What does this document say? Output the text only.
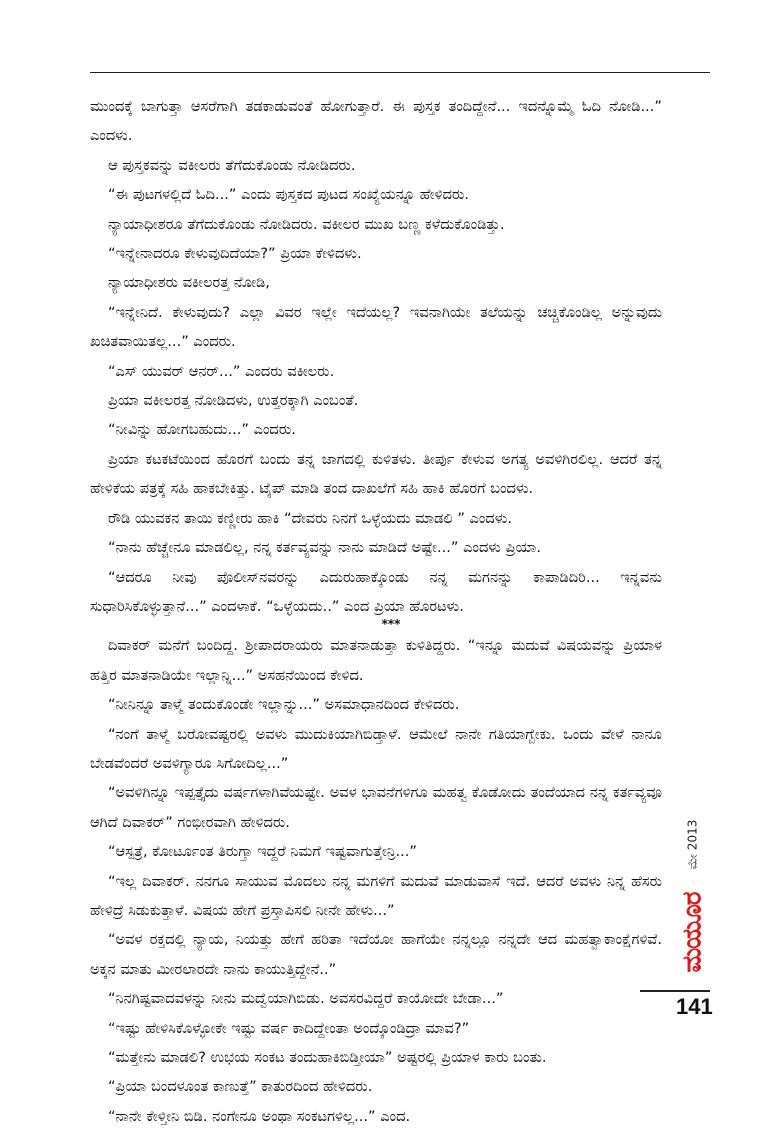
ಮುಂದಕ್ಕೆ ಬಾಗುತ್ತಾ ಆಸರೆಗಾಗಿ ತಡಕಾಡುವಂತೆ ಹೋಗುತ್ತಾರೆ. ಈ ಪುಸ್ತಕ ತಂದಿದ್ದೇನೆ... ಇದನ್ನೊಮ್ಮೆ ಓದಿ ನೋಡಿ...” ಎಂದಳು.

ಆ ಪುಸ್ತಕವನ್ನು ವಕೀಲರು ತೆಗೆದುಕೊಂಡು ನೋಡಿದರು.

“ಈ ಪುಟಗಳಲ್ಲಿದೆ ಓದಿ...” ಎಂದು ಪುಸ್ತಕದ ಪುಟದ ಸಂಖ್ಯೆಯನ್ನೂ ಹೇಳಿದರು.

ನ್ಯಾಯಾಧೀಶರೂ ತೆಗೆದುಕೊಂಡು ನೋಡಿದರು. ವಕೀಲರ ಮುಖ ಬಣ್ಣ ಕಳೆದುಕೊಂಡಿತ್ತು.

“ಇನ್ನೇನಾದರೂ ಕೇಳುವುದಿದೆಯಾ?” ಪ್ರಿಯಾ ಕೇಳಿದಳು.

ನ್ಯಾಯಾಧೀಶರು ವಕೀಲರತ್ತ ನೋಡಿ,

“ಇನ್ನೇನಿದೆ. ಕೇಳುವುದು? ಎಲ್ಲಾ ವಿವರ ಇಲ್ಲೇ ಇದೆಯಲ್ಲ? ಇವನಾಗಿಯೇ ತಲೆಯನ್ನು ಚಚ್ಚಿಕೊಂಡಿಲ್ಲ ಅನ್ನುವುದು ಖಚಿತವಾಯಿತಲ್ಲ...” ಎಂದರು.

“ಎಸ್ ಯುವರ್ ಆನರ್...” ಎಂದರು ವಕೀಲರು.

ಪ್ರಿಯಾ ವಕೀಲರತ್ತ ನೋಡಿದಳು, ಉತ್ತರಕ್ಕಾಗಿ ಎಂಬಂತೆ.

“ನೀವಿನ್ನು ಹೋಗಬಹುದು...” ಎಂದರು.

ಪ್ರಿಯಾ ಕಟಕಟೆಯಿಂದ ಹೊರಗೆ ಬಂದು ತನ್ನ ಜಾಗದಲ್ಲಿ ಕುಳಿತಳು. ತೀರ್ಪು ಕೇಳುವ ಅಗತ್ಯ ಅವಳಿಗಿರಲಿಲ್ಲ. ಆದರೆ ತನ್ನ ಹೇಳಿಕೆಯ ಪತ್ರಕ್ಕೆ ಸಹಿ ಹಾಕಬೇಕಿತ್ತು. ಟೈಪ್ ಮಾಡಿ ತಂದ ದಾಖಲೆಗೆ ಸಹಿ ಹಾಕಿ ಹೊರಗೆ ಬಂದಳು.

ರೌಡಿ ಯುವಕನ ತಾಯಿ ಕಣ್ಣೀರು ಹಾಕಿ “ದೇವರು ನಿನಗೆ ಒಳ್ಳೆಯದು ಮಾಡಲಿ ” ಎಂದಳು.

“ನಾನು ಹೆಚ್ಚೇನೂ ಮಾಡಲಿಲ್ಲ, ನನ್ನ ಕರ್ತವ್ಯವನ್ನು ನಾನು ಮಾಡಿದೆ ಅಷ್ಟೇ...” ಎಂದಳು ಪ್ರಿಯಾ.

“ಆದರೂ ನೀವು ಪೊಲೀಸ್‌ನವರನ್ನು ಎದುರುಹಾಕ್ಕೊಂಡು ನನ್ನ ಮಗನನ್ನು ಕಾಪಾಡಿದಿರಿ... ಇನ್ನವನು ಸುಧಾರಿಸಿಕೊಳ್ಳುತ್ತಾನೆ...” ಎಂದಳಾಕೆ. “ಒಳ್ಳೆಯದು..” ಎಂದ ಪ್ರಿಯಾ ಹೊರಟಳು.

***

ದಿವಾಕರ್ ಮನೆಗೆ ಬಂದಿದ್ದ. ಶ್ರೀಪಾದರಾಯರು ಮಾತನಾಡುತ್ತಾ ಕುಳಿತಿದ್ದರು. “ಇನ್ನೂ ಮದುವೆ ವಿಷಯವನ್ನು ಪ್ರಿಯಾಳ ಹತ್ತಿರ ಮಾತನಾಡಿಯೇ ಇಲ್ಲಾನ್ನಿ...” ಅಸಹನೆಯಿಂದ ಕೇಳಿದ.

“ನೀನಿನ್ನೂ ತಾಳ್ಮೆ ತಂದುಕೊಂಡೇ ಇಲ್ಲಾನ್ನು...” ಅಸಮಾಧಾನದಿಂದ ಕೇಳಿದರು.

“ನಂಗೆ ತಾಳ್ಮೆ ಬರೋವಷ್ಟರಲ್ಲಿ ಅವಳು ಮುದುಕಿಯಾಗಿಬಿಡ್ತಾಳೆ. ಆಮೇಲೆ ನಾನೇ ಗತಿಯಾಗ್ಬೇಕು. ಒಂದು ವೇಳೆ ನಾನೂ ಬೇಡವೆಂದರೆ ಅವಳಿಗ್ಯಾರೂ ಸಿಗೋದಿಲ್ಲ...”

“ಅವಳಿಗಿನ್ನೂ ಇಪ್ಪತ್ತೈದು ವರ್ಷಗಳಾಗಿವೆಯಷ್ಟೇ. ಅವಳ ಭಾವನೆಗಳಿಗೂ ಮಹತ್ವ ಕೊಡೋದು ತಂದೆಯಾದ ನನ್ನ ಕರ್ತವ್ಯವೂ ಆಗಿದೆ ದಿವಾಕರ್” ಗಂಭೀರವಾಗಿ ಹೇಳಿದರು.

“ಆಸ್ಪತ್ರೆ, ಕೋರ್ಟೂಂತ ತಿರುಗ್ತಾ ಇದ್ದರೆ ನಿಮಗೆ ಇಷ್ಟವಾಗುತ್ತೇನ್ರಿ...”

“ಇಲ್ಲ ದಿವಾಕರ್. ನನಗೂ ಸಾಯುವ ಮೊದಲು ನನ್ನ ಮಗಳಿಗೆ ಮದುವೆ ಮಾಡುವಾಸೆ ಇದೆ. ಆದರೆ ಅವಳು ನಿನ್ನ ಹೆಸರು ಹೇಳಿದ್ರೆ ಸಿಡುಕುತ್ತಾಳೆ. ವಿಷಯ ಹೇಗೆ ಪ್ರಸ್ತಾಪಿಸಲಿ ನೀನೇ ಹೇಳು...”

“ಅವಳ ರಕ್ತದಲ್ಲಿ ನ್ಯಾಯ, ನಿಯತ್ತು ಹೇಗೆ ಹರಿತಾ ಇದೆಯೋ ಹಾಗೆಯೇ ನನ್ನಲ್ಲೂ ನನ್ನದೇ ಆದ ಮಹತ್ವಾಕಾಂಕ್ಷೆಗಳಿವೆ. ಅಕ್ಕನ ಮಾತು ಮೀರಲಾರದೇ ನಾನು ಕಾಯುತ್ತಿದ್ದೇನೆ..”

“ನಿನಗಿಷ್ಟವಾದವಳನ್ನು ನೀನು ಮದ್ವೆಯಾಗಿಬಿಡು. ಅವಸರವಿದ್ದರೆ ಕಾಯೋದೇ ಬೇಡಾ...”

“ಇಷ್ಟು ಹೇಳಿಸಿಕೊಳ್ಳೋಕೇ ಇಷ್ಟು ವರ್ಷ ಕಾದಿದ್ದೇಂತಾ ಅಂದ್ಕೊಂಡಿದ್ರಾ ಮಾವ?”

“ಮತ್ತೇನು ಮಾಡಲಿ? ಉಭಯ ಸಂಕಟ ತಂದುಹಾಕಿಬಿಡ್ತೀಯಾ” ಅಷ್ಟರಲ್ಲಿ ಪ್ರಿಯಾಳ ಕಾರು ಬಂತು.

“ಪ್ರಿಯಾ ಬಂದಳೂಂತ ಕಾಣುತ್ತೆ” ಕಾತುರದಿಂದ ಹೇಳಿದರು.

“ನಾನೇ ಕೇಳ್ತೀನಿ ಬಿಡಿ. ನಂಗೇನೂ ಅಂಥಾ ಸಂಕಟಗಳಿಲ್ಲ...” ಎಂದ.

ಮೇ 2013
ಮಯೂರ
141
